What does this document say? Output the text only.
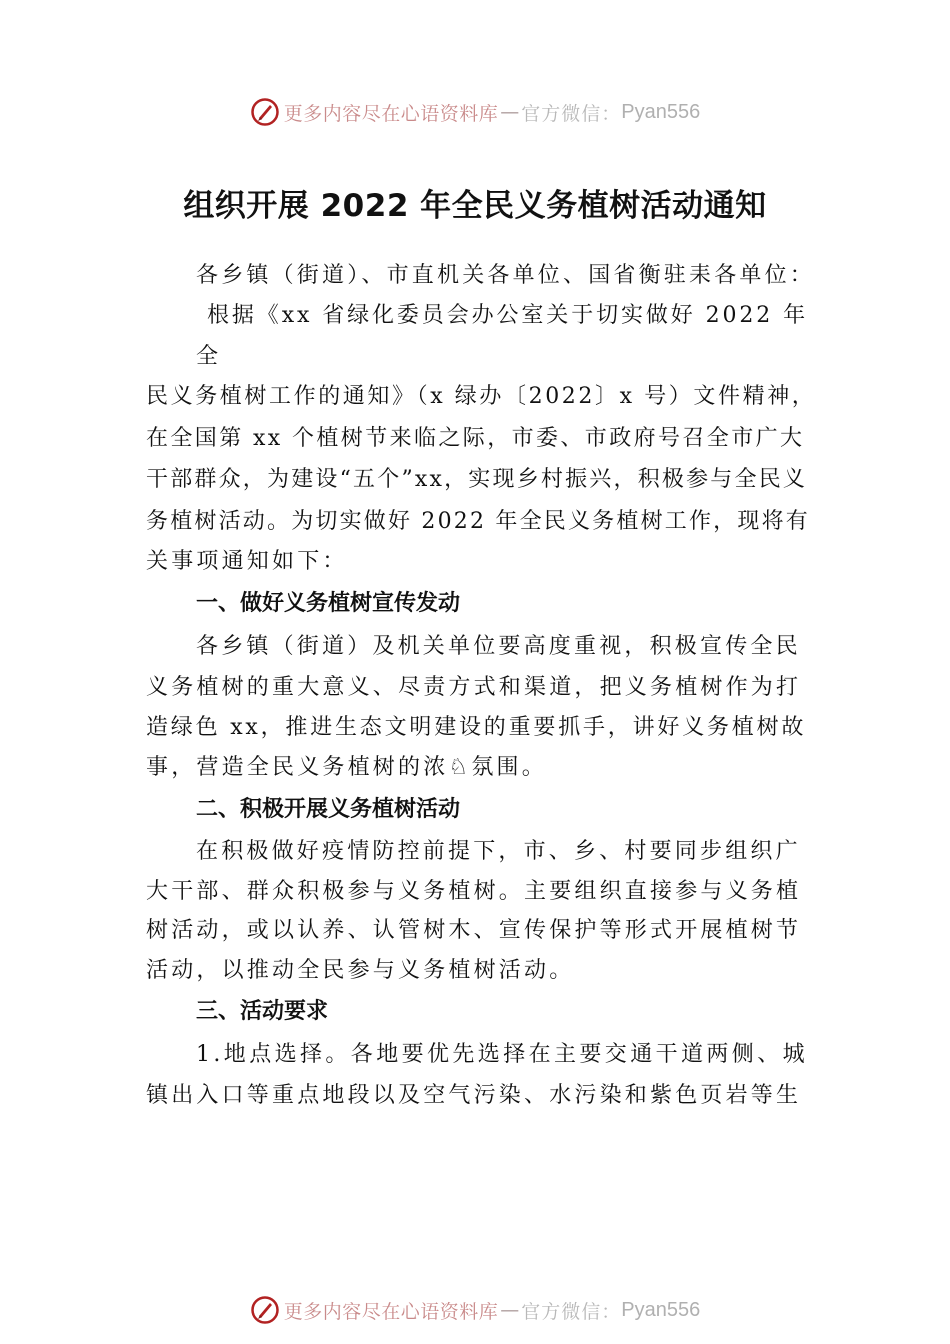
更多内容尽在心语资料库 — 官方微信： Pyan556
组织开展 2022 年全民义务植树活动通知
各乡镇（街道）、市直机关各单位、国省衡驻耒各单位：
根据《xx 省绿化委员会办公室关于切实做好 2022 年
全
民义务植树工作的通知》（x 绿办〔2022〕x 号）文件精神，
在全国第 xx 个植树节来临之际，市委、市政府号召全市广大
干部群众，为建设“五个”xx，实现乡村振兴，积极参与全民义
务植树活动。为切实做好 2022 年全民义务植树工作，现将有
关事项通知如下：
一、做好义务植树宣传发动
各乡镇（街道）及机关单位要高度重视，积极宣传全民
义务植树的重大意义、尽责方式和渠道，把义务植树作为打
造绿色 xx，推进生态文明建设的重要抓手，讲好义务植树故
事，营造全民义务植树的浓♘氛围。
二、积极开展义务植树活动
在积极做好疫情防控前提下，市、乡、村要同步组织广
大干部、群众积极参与义务植树。主要组织直接参与义务植
树活动，或以认养、认管树木、宣传保护等形式开展植树节
活动，以推动全民参与义务植树活动。
三、活动要求
1.地点选择。各地要优先选择在主要交通干道两侧、城
镇出入口等重点地段以及空气污染、水污染和紫色页岩等生
更多内容尽在心语资料库 — 官方微信： Pyan556
